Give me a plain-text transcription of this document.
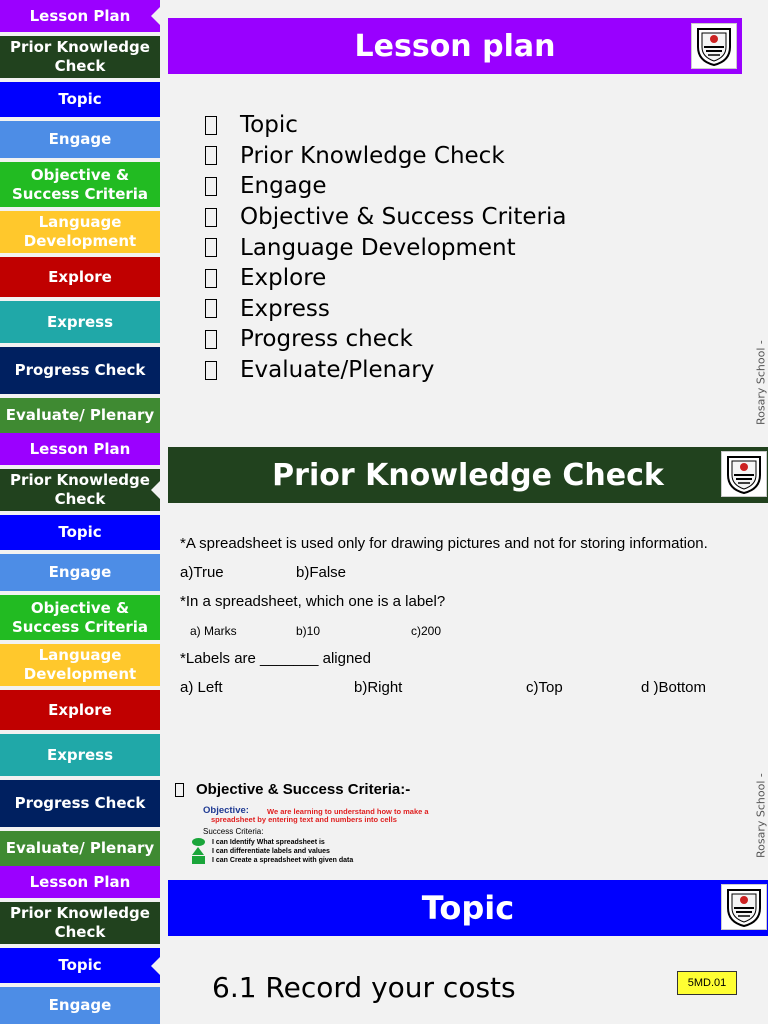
Lesson Plan
Prior Knowledge Check
Topic
Engage
Objective & Success Criteria
Language Development
Explore
Express
Progress Check
Evaluate/ Plenary
Lesson plan
Topic
Prior Knowledge Check
Engage
Objective & Success Criteria
Language Development
Explore
Express
Progress check
Evaluate/Plenary	Rosary School -
Lesson Plan
Prior Knowledge Check
Topic
Engage
Objective & Success Criteria
Language Development
Explore
Express
Progress Check
Evaluate/ Plenary
Prior Knowledge Check
*A spreadsheet is used only for drawing pictures and not for storing information.
a)True	b)False
*In a spreadsheet, which one is a label?
a) Marks	b)10	c)200
*Labels are _______ aligned
a) Left	b)Right	c)Top	d )Bottom
Objective & Success Criteria:-
Objective: We are learning to understand how to make a
spreadsheet by entering text and numbers into cells
Success Criteria:
I can Identify What spreadsheet is
I can differentiate labels and values
I can Create a spreadsheet with given data
Rosary School -
Lesson Plan
Prior Knowledge Check
Topic
Engage
Topic
6.1 Record your costs	5MD.01
